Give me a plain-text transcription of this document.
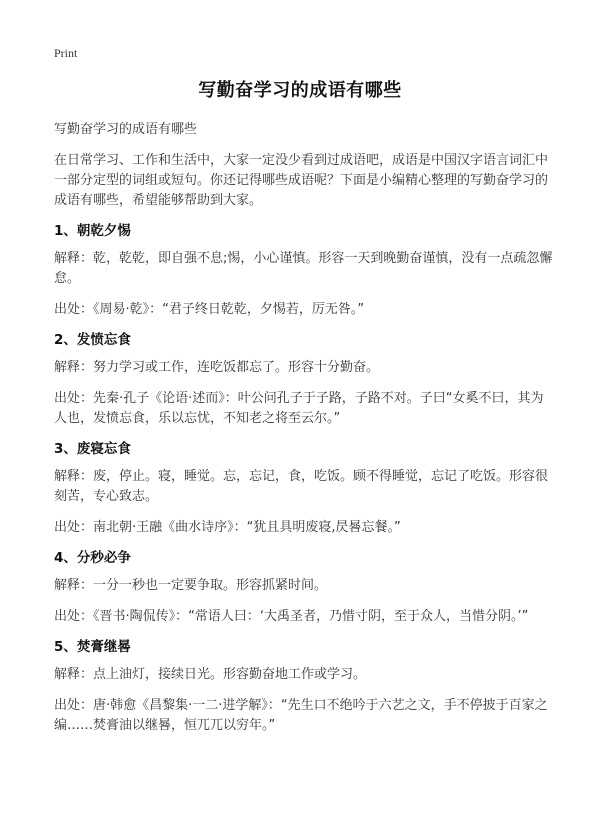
Print
写勤奋学习的成语有哪些

写勤奋学习的成语有哪些

在日常学习、工作和生活中，大家一定没少看到过成语吧，成语是中国汉字语言词汇中一部分定型的词组或短句。你还记得哪些成语呢？下面是小编精心整理的写勤奋学习的成语有哪些，希望能够帮助到大家。

1、朝乾夕惕

解释：乾，乾乾，即自强不息;惕，小心谨慎。形容一天到晚勤奋谨慎，没有一点疏忽懈怠。

出处：《周易·乾》：“君子终日乾乾，夕惕若，厉无咎。”

2、发愤忘食

解释：努力学习或工作，连吃饭都忘了。形容十分勤奋。

出处：先秦·孔子《论语·述而》：叶公问孔子于子路，子路不对。子曰“女奚不曰，其为人也，发愤忘食，乐以忘忧，不知老之将至云尔。”

3、废寝忘食

解释：废，停止。寝，睡觉。忘，忘记，食，吃饭。顾不得睡觉，忘记了吃饭。形容很刻苦，专心致志。

出处：南北朝·王融《曲水诗序》：“犹且具明废寝,昃晷忘餐。”

4、分秒必争

解释：一分一秒也一定要争取。形容抓紧时间。

出处：《晋书·陶侃传》：“常语人曰：‘大禹圣者，乃惜寸阴，至于众人，当惜分阴。’”

5、焚膏继晷

解释：点上油灯，接续日光。形容勤奋地工作或学习。

出处：唐·韩愈《昌黎集·一二·进学解》：“先生口不绝吟于六艺之文，手不停披于百家之编……焚膏油以继晷，恒兀兀以穷年。”
